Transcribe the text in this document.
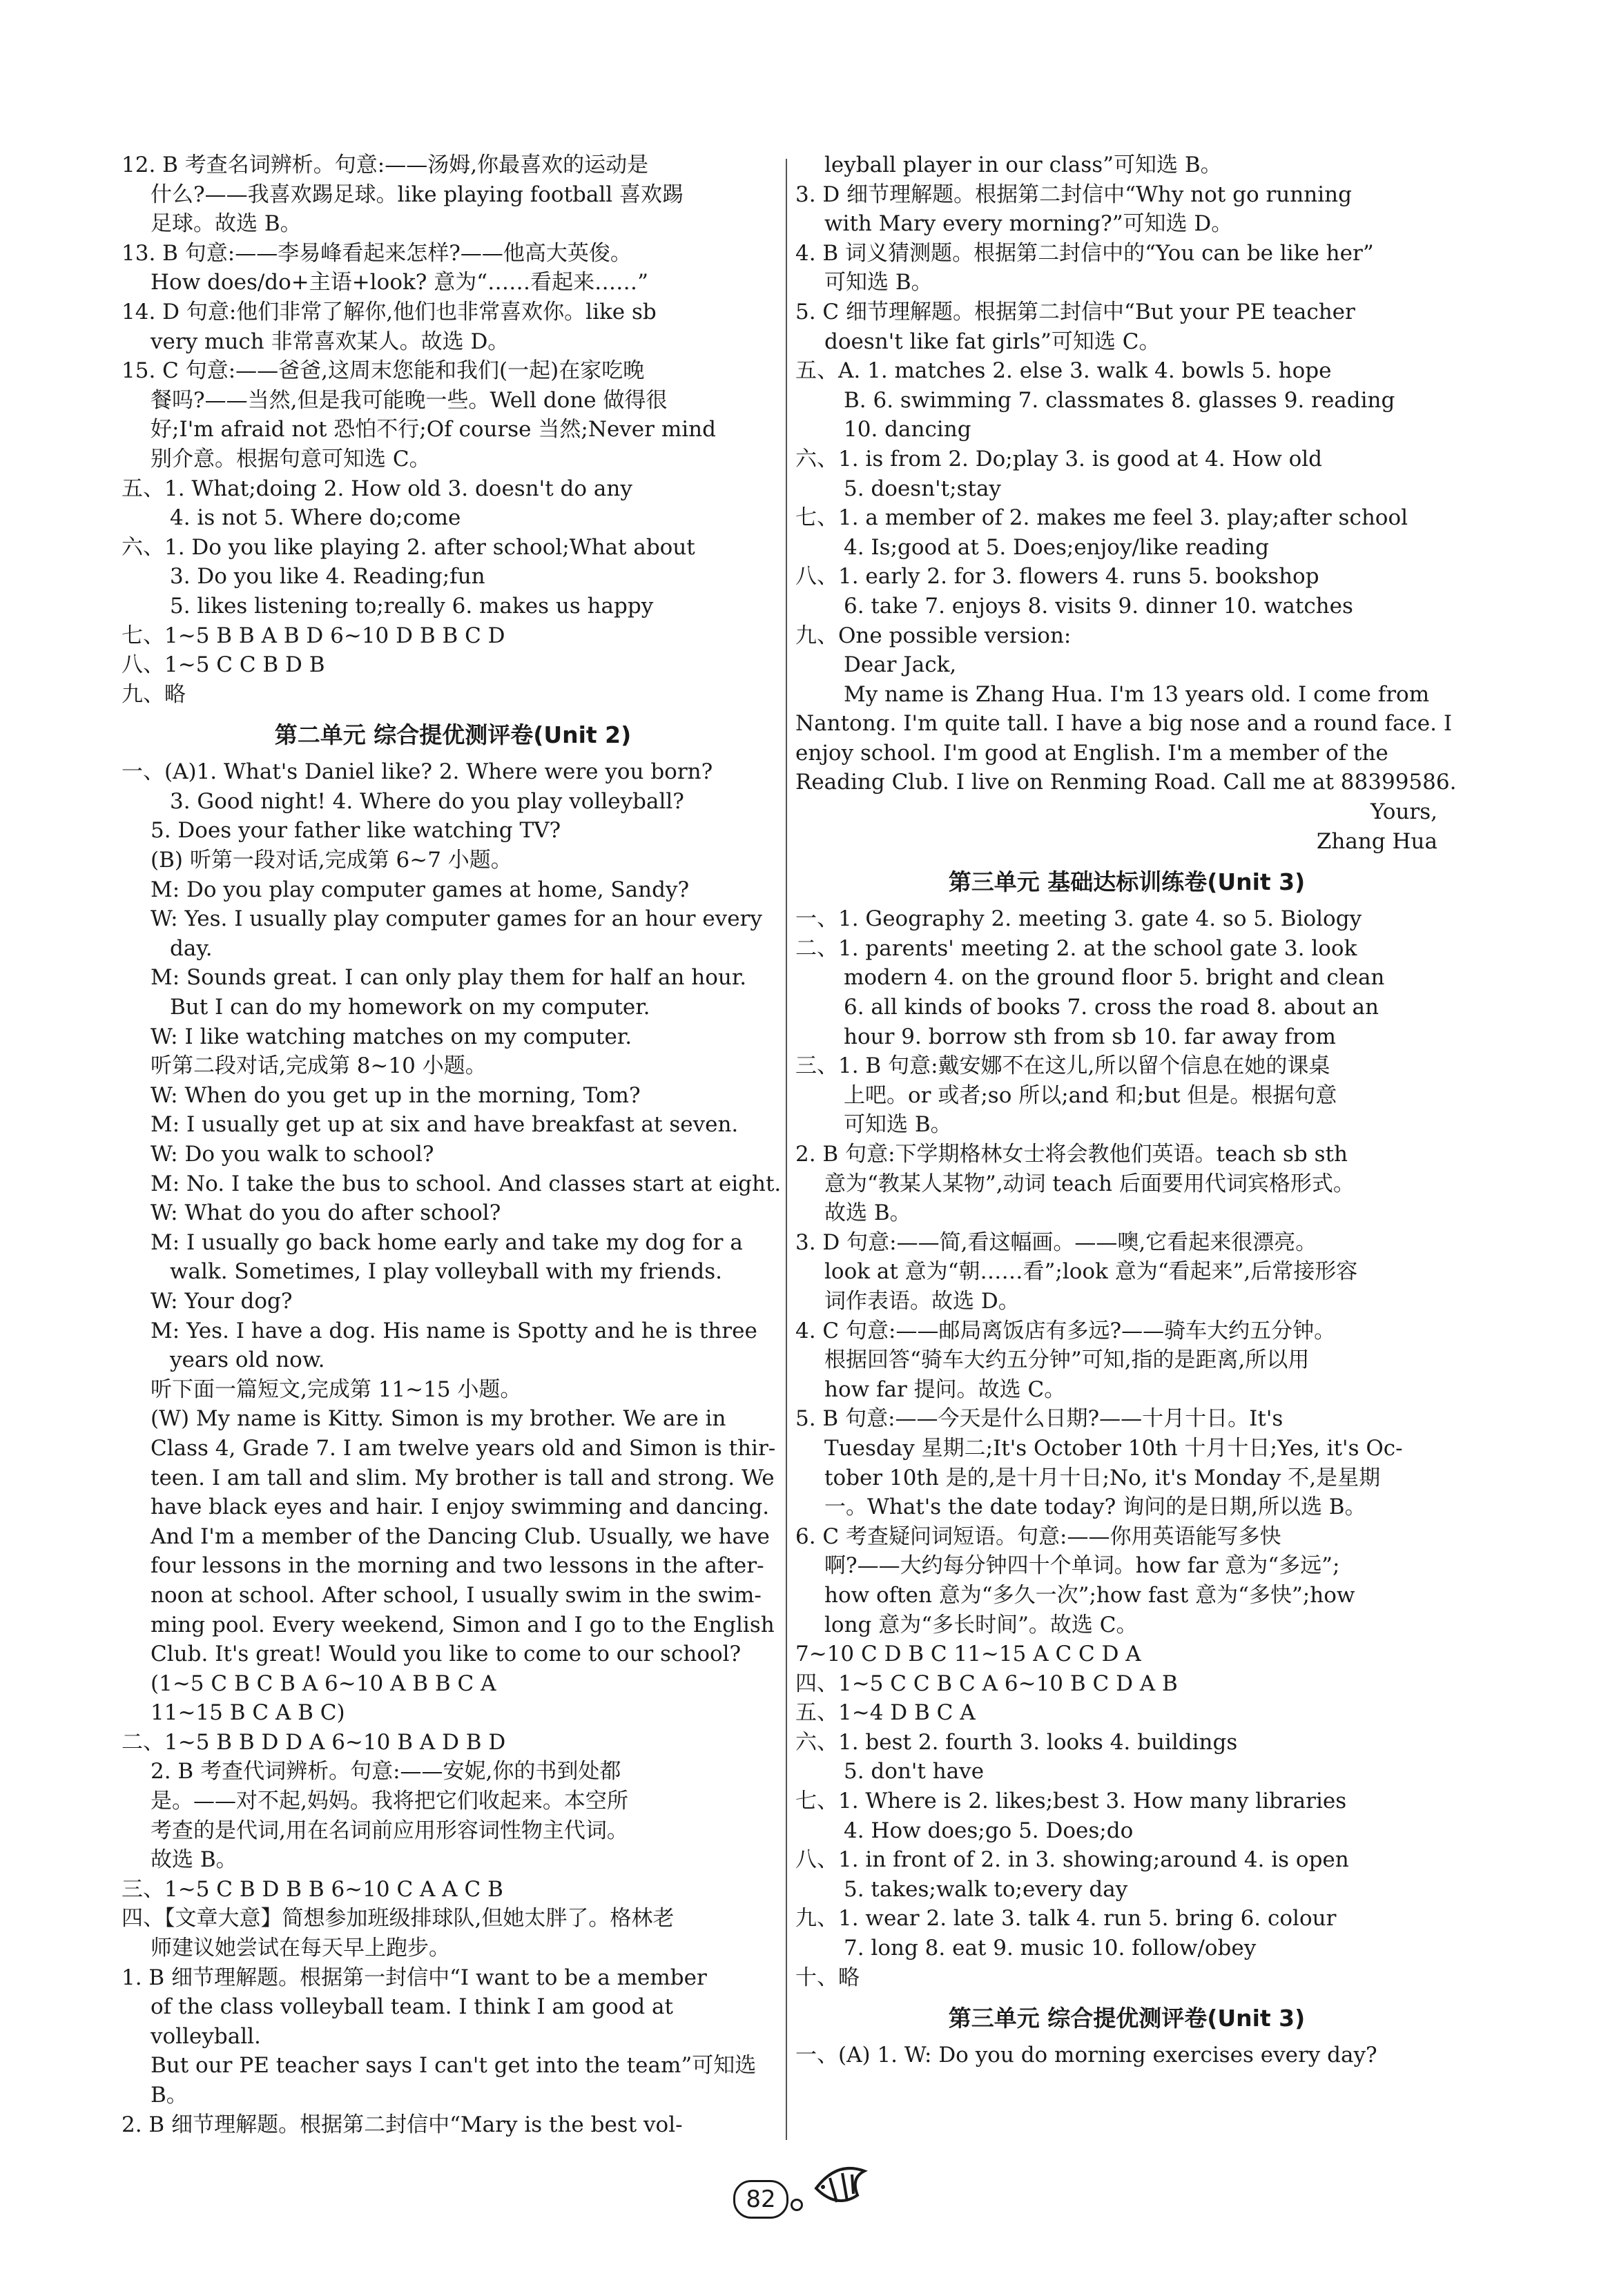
12. B 考查名词辨析。句意:——汤姆,你最喜欢的运动是
什么?——我喜欢踢足球。like playing football 喜欢踢
足球。故选 B。
13. B 句意:——李易峰看起来怎样?——他高大英俊。
How does/do+主语+look? 意为“……看起来……”
14. D 句意:他们非常了解你,他们也非常喜欢你。like sb
very much 非常喜欢某人。故选 D。
15. C 句意:——爸爸,这周末您能和我们(一起)在家吃晚
餐吗?——当然,但是我可能晚一些。Well done 做得很
好;I'm afraid not 恐怕不行;Of course 当然;Never mind
别介意。根据句意可知选 C。
五、1. What;doing 2. How old 3. doesn't do any
4. is not 5. Where do;come
六、1. Do you like playing 2. after school;What about
3. Do you like 4. Reading;fun
5. likes listening to;really 6. makes us happy
七、1~5 B B A B D 6~10 D B B C D
八、1~5 C C B D B
九、略
第二单元 综合提优测评卷(Unit 2)
一、(A)1. What's Daniel like? 2. Where were you born?
3. Good night! 4. Where do you play volleyball?
5. Does your father like watching TV?
(B) 听第一段对话,完成第 6~7 小题。
M: Do you play computer games at home, Sandy?
W: Yes. I usually play computer games for an hour every
day.
M: Sounds great. I can only play them for half an hour.
But I can do my homework on my computer.
W: I like watching matches on my computer.
听第二段对话,完成第 8~10 小题。
W: When do you get up in the morning, Tom?
M: I usually get up at six and have breakfast at seven.
W: Do you walk to school?
M: No. I take the bus to school. And classes start at eight.
W: What do you do after school?
M: I usually go back home early and take my dog for a
walk. Sometimes, I play volleyball with my friends.
W: Your dog?
M: Yes. I have a dog. His name is Spotty and he is three
years old now.
听下面一篇短文,完成第 11~15 小题。
(W) My name is Kitty. Simon is my brother. We are in
Class 4, Grade 7. I am twelve years old and Simon is thir-
teen. I am tall and slim. My brother is tall and strong. We
have black eyes and hair. I enjoy swimming and dancing.
And I'm a member of the Dancing Club. Usually, we have
four lessons in the morning and two lessons in the after-
noon at school. After school, I usually swim in the swim-
ming pool. Every weekend, Simon and I go to the English
Club. It's great! Would you like to come to our school?
(1~5 C B C B A 6~10 A B B C A
11~15 B C A B C)
二、1~5 B B D D A 6~10 B A D B D
2. B 考查代词辨析。句意:——安妮,你的书到处都
是。——对不起,妈妈。我将把它们收起来。本空所
考查的是代词,用在名词前应用形容词性物主代词。
故选 B。
三、1~5 C B D B B 6~10 C A A C B
四、【文章大意】简想参加班级排球队,但她太胖了。格林老
师建议她尝试在每天早上跑步。
1. B 细节理解题。根据第一封信中“I want to be a member
of the class volleyball team. I think I am good at volleyball.
But our PE teacher says I can't get into the team”可知选 B。
2. B 细节理解题。根据第二封信中“Mary is the best vol-
leyball player in our class”可知选 B。
3. D 细节理解题。根据第二封信中“Why not go running
with Mary every morning?”可知选 D。
4. B 词义猜测题。根据第二封信中的“You can be like her”
可知选 B。
5. C 细节理解题。根据第二封信中“But your PE teacher
doesn't like fat girls”可知选 C。
五、A. 1. matches 2. else 3. walk 4. bowls 5. hope
B. 6. swimming 7. classmates 8. glasses 9. reading
10. dancing
六、1. is from 2. Do;play 3. is good at 4. How old
5. doesn't;stay
七、1. a member of 2. makes me feel 3. play;after school
4. Is;good at 5. Does;enjoy/like reading
八、1. early 2. for 3. flowers 4. runs 5. bookshop
6. take 7. enjoys 8. visits 9. dinner 10. watches
九、One possible version:
Dear Jack,
My name is Zhang Hua. I'm 13 years old. I come from Nantong. I'm quite tall. I have a big nose and a round face. I enjoy school. I'm good at English. I'm a member of the Reading Club. I live on Renming Road. Call me at 88399586.
Yours,
Zhang Hua
第三单元 基础达标训练卷(Unit 3)
一、1. Geography 2. meeting 3. gate 4. so 5. Biology
二、1. parents' meeting 2. at the school gate 3. look
modern 4. on the ground floor 5. bright and clean
6. all kinds of books 7. cross the road 8. about an
hour 9. borrow sth from sb 10. far away from
三、1. B 句意:戴安娜不在这儿,所以留个信息在她的课桌
上吧。or 或者;so 所以;and 和;but 但是。根据句意
可知选 B。
2. B 句意:下学期格林女士将会教他们英语。teach sb sth
意为“教某人某物”,动词 teach 后面要用代词宾格形式。
故选 B。
3. D 句意:——简,看这幅画。——噢,它看起来很漂亮。
look at 意为“朝……看”;look 意为“看起来”,后常接形容
词作表语。故选 D。
4. C 句意:——邮局离饭店有多远?——骑车大约五分钟。
根据回答“骑车大约五分钟”可知,指的是距离,所以用
how far 提问。故选 C。
5. B 句意:——今天是什么日期?——十月十日。It's
Tuesday 星期二;It's October 10th 十月十日;Yes, it's Oc-
tober 10th 是的,是十月十日;No, it's Monday 不,是星期
一。What's the date today? 询问的是日期,所以选 B。
6. C 考查疑问词短语。句意:——你用英语能写多快
啊?——大约每分钟四十个单词。how far 意为“多远”;
how often 意为“多久一次”;how fast 意为“多快”;how
long 意为“多长时间”。故选 C。
7~10 C D B C 11~15 A C C D A
四、1~5 C C B C A 6~10 B C D A B
五、1~4 D B C A
六、1. best 2. fourth 3. looks 4. buildings
5. don't have
七、1. Where is 2. likes;best 3. How many libraries
4. How does;go 5. Does;do
八、1. in front of 2. in 3. showing;around 4. is open
5. takes;walk to;every day
九、1. wear 2. late 3. talk 4. run 5. bring 6. colour
7. long 8. eat 9. music 10. follow/obey
十、略
第三单元 综合提优测评卷(Unit 3)
一、(A) 1. W: Do you do morning exercises every day?
82
